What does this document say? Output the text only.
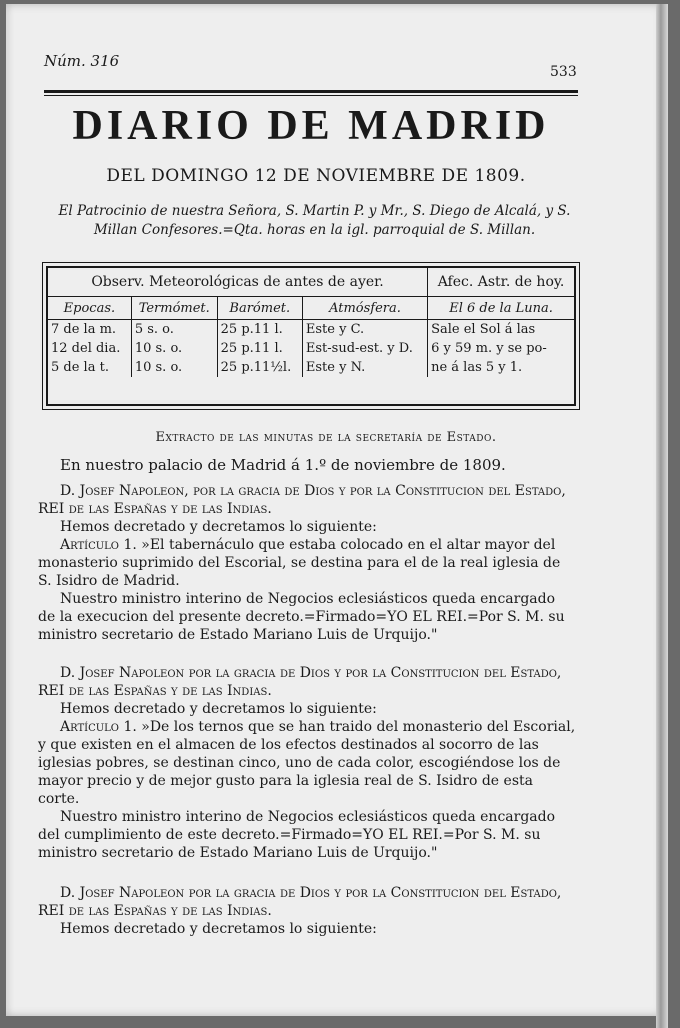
Núm. 316
533
DIARIO DE MADRID
DEL DOMINGO 12 DE NOVIEMBRE DE 1809.
El Patrocinio de nuestra Señora, S. Martin P. y Mr., S. Diego de Alcalá, y S. Millan Confesores.=Qta. horas en la igl. parroquial de S. Millan.
Observ. Meteorológicas de antes de ayer.				Afec. Astr. de hoy.
Epocas.	Termómet.	Barómet.	Atmósfera.	El 6 de la Luna.
7 de la m.	5 s. o.	25 p.11 l.	Este y C.	Sale el Sol á las
12 del dia.	10 s. o.	25 p.11 l.	Est-sud-est. y D.	6 y 59 m. y se po-
5 de la t.	10 s. o.	25 p.11½l.	Este y N.	ne á las 5 y 1.
Extracto de las minutas de la secretaría de Estado.

En nuestro palacio de Madrid á 1.º de noviembre de 1809.

D. Josef Napoleon, por la gracia de Dios y por la Constitucion del Estado, REI de las Españas y de las Indias.

Hemos decretado y decretamos lo siguiente:

Artículo 1. »El tabernáculo que estaba colocado en el altar mayor del monasterio suprimido del Escorial, se destina para el de la real iglesia de S. Isidro de Madrid.

Nuestro ministro interino de Negocios eclesiásticos queda encargado de la execucion del presente decreto.=Firmado=YO EL REI.=Por S. M. su ministro secretario de Estado Mariano Luis de Urquijo."

D. Josef Napoleon por la gracia de Dios y por la Constitucion del Estado, REI de las Españas y de las Indias.

Hemos decretado y decretamos lo siguiente:

Artículo 1. »De los ternos que se han traido del monasterio del Escorial, y que existen en el almacen de los efectos destinados al socorro de las iglesias pobres, se destinan cinco, uno de cada color, escogiéndose los de mayor precio y de mejor gusto para la iglesia real de S. Isidro de esta corte.

Nuestro ministro interino de Negocios eclesiásticos queda encargado del cumplimiento de este decreto.=Firmado=YO EL REI.=Por S. M. su ministro secretario de Estado Mariano Luis de Urquijo."

D. Josef Napoleon por la gracia de Dios y por la Constitucion del Estado, REI de las Españas y de las Indias.

Hemos decretado y decretamos lo siguiente:
